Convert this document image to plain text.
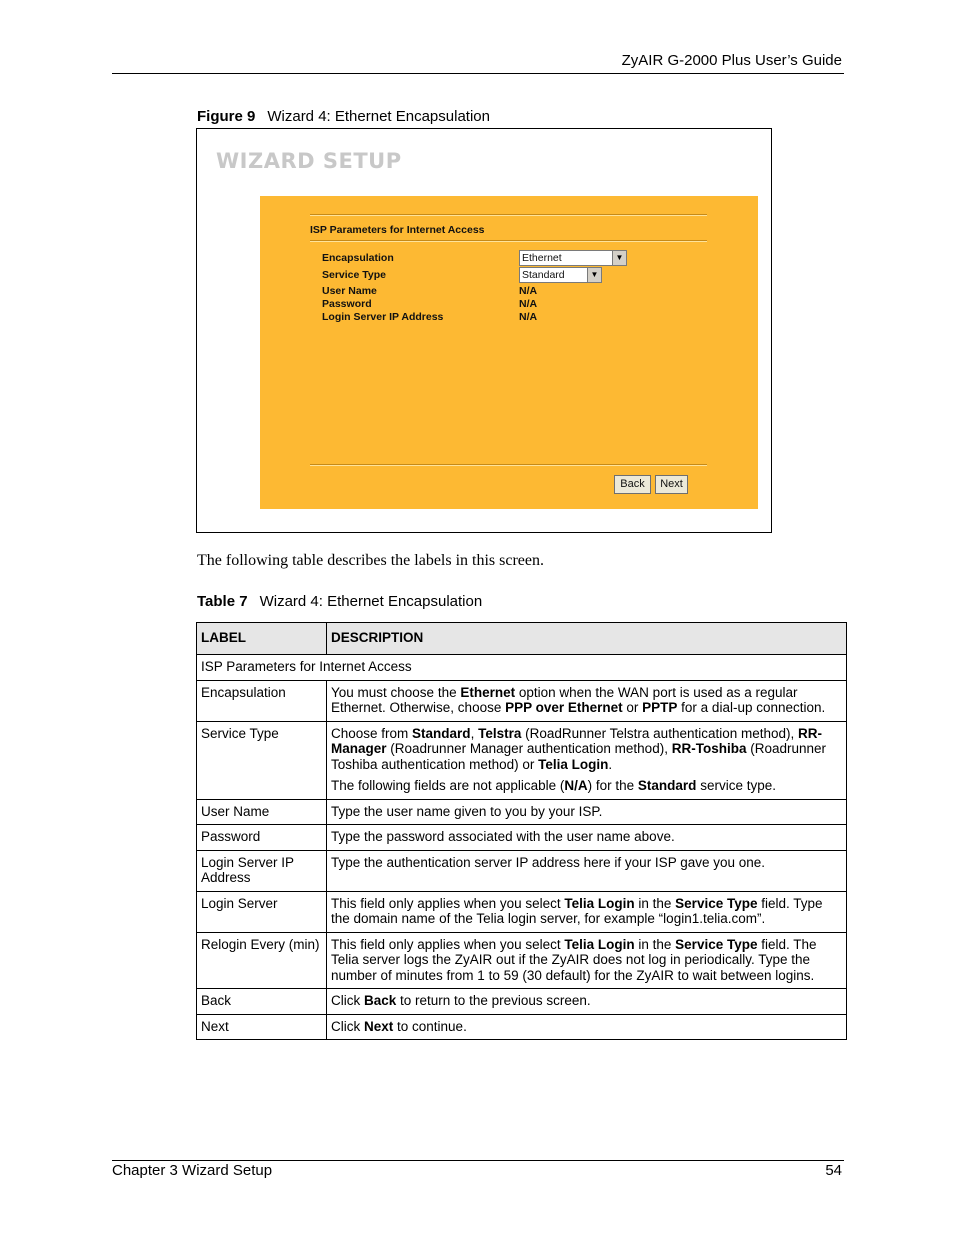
ZyAIR G-2000 Plus User’s Guide
Figure 9 Wizard 4: Ethernet Encapsulation
WIZARD SETUP
ISP Parameters for Internet Access
Encapsulation	Ethernet	▼
Service Type	Standard	▼
User Name	N/A
Password	N/A
Login Server IP Address	N/A
Back	Next
The following table describes the labels in this screen.
Table 7 Wizard 4: Ethernet Encapsulation
LABEL	DESCRIPTION
ISP Parameters for Internet Access	
Encapsulation	You must choose the Ethernet option when the WAN port is used as a regular Ethernet. Otherwise, choose PPP over Ethernet or PPTP for a dial-up connection.
Service Type	Choose from Standard, Telstra (RoadRunner Telstra authentication method), RR-Manager (Roadrunner Manager authentication method), RR-Toshiba (Roadrunner Toshiba authentication method) or Telia Login.

The following fields are not applicable (N/A) for the Standard service type.

User Name	Type the user name given to you by your ISP.
Password	Type the password associated with the user name above.
Login Server IP Address	Type the authentication server IP address here if your ISP gave you one.
Login Server	This field only applies when you select Telia Login in the Service Type field. Type the domain name of the Telia login server, for example “login1.telia.com”.
Relogin Every (min)	This field only applies when you select Telia Login in the Service Type field. The Telia server logs the ZyAIR out if the ZyAIR does not log in periodically. Type the number of minutes from 1 to 59 (30 default) for the ZyAIR to wait between logins.
Back	Click Back to return to the previous screen.
Next	Click Next to continue.
Chapter 3 Wizard Setup	54
